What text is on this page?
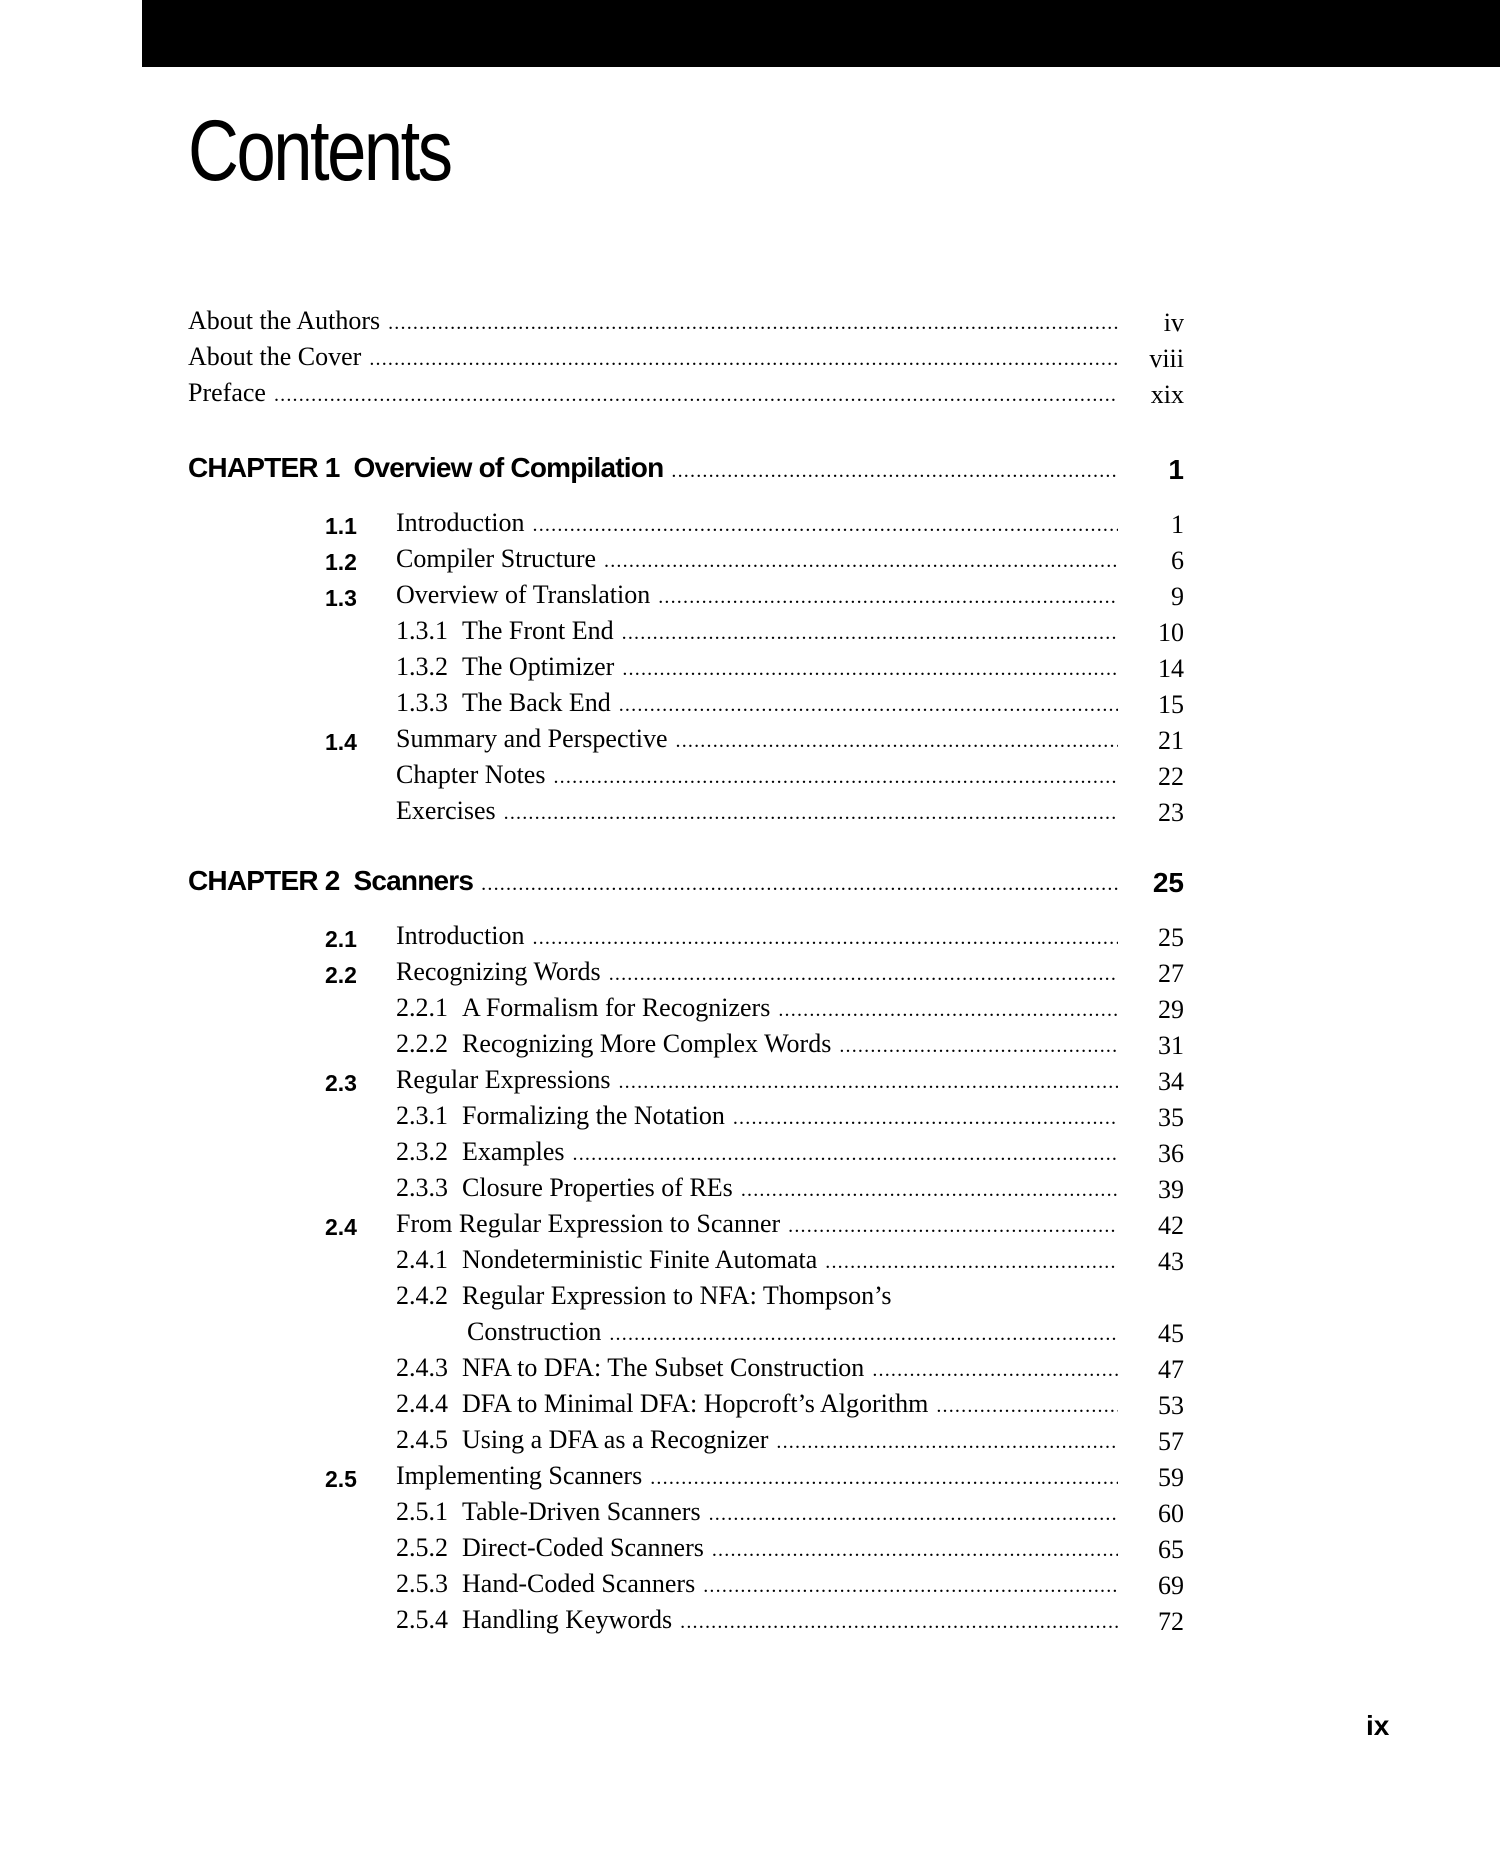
Contents
About the Authors .....	iv
About the Cover .....	viii
Preface .....	xix
CHAPTER 1 Overview of Compilation .....	1
1.1 Introduction .....	1
1.2 Compiler Structure .....	6
1.3 Overview of Translation .....	9
1.3.1 The Front End .....	10
1.3.2 The Optimizer .....	14
1.3.3 The Back End .....	15
1.4 Summary and Perspective .....	21
Chapter Notes .....	22
Exercises .....	23
CHAPTER 2 Scanners .....	25
2.1 Introduction .....	25
2.2 Recognizing Words .....	27
2.2.1 A Formalism for Recognizers .....	29
2.2.2 Recognizing More Complex Words .....	31
2.3 Regular Expressions .....	34
2.3.1 Formalizing the Notation .....	35
2.3.2 Examples .....	36
2.3.3 Closure Properties of REs .....	39
2.4 From Regular Expression to Scanner .....	42
2.4.1 Nondeterministic Finite Automata .....	43
2.4.2 Regular Expression to NFA: Thompson’s
Construction .....	45
2.4.3 NFA to DFA: The Subset Construction .....	47
2.4.4 DFA to Minimal DFA: Hopcroft’s Algorithm .....	53
2.4.5 Using a DFA as a Recognizer .....	57
2.5 Implementing Scanners .....	59
2.5.1 Table-Driven Scanners .....	60
2.5.2 Direct-Coded Scanners .....	65
2.5.3 Hand-Coded Scanners .....	69
2.5.4 Handling Keywords .....	72
ix
